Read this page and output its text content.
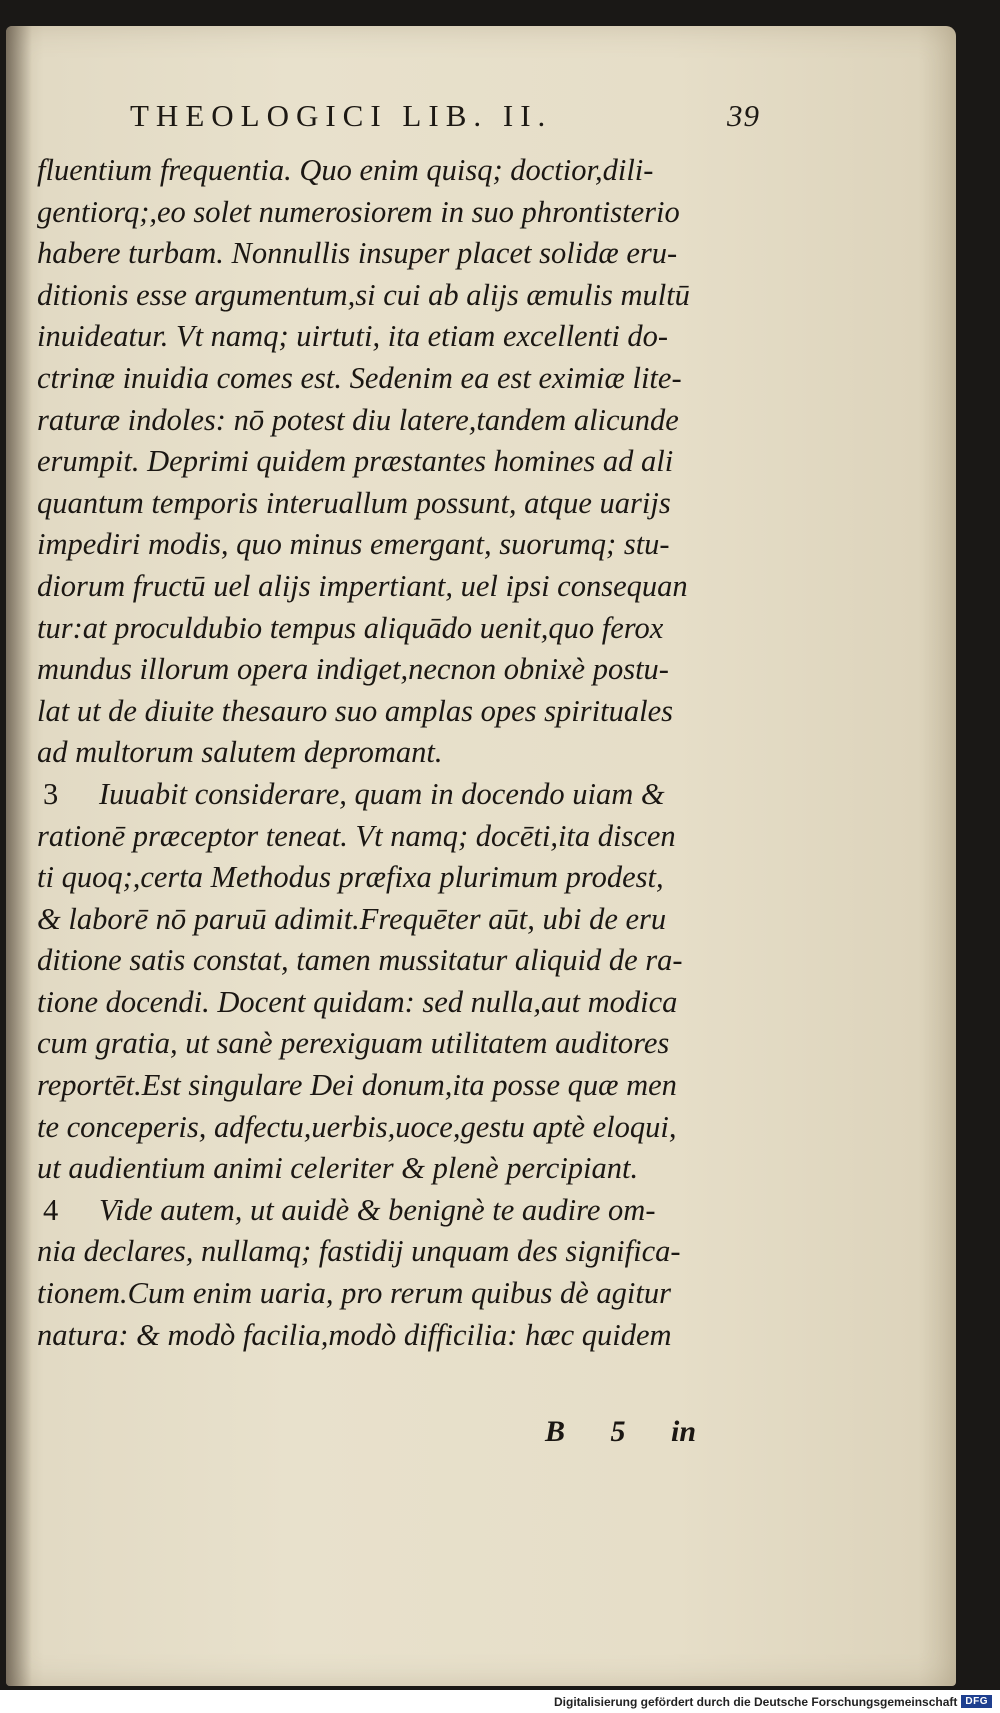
THEOLOGICI LIB. II.	39
fluentium frequentia. Quo enim quisq; doctior,dili-
gentiorq;,eo solet numerosiorem in suo phrontisterio
habere turbam. Nonnullis insuper placet solidæ eru-
ditionis esse argumentum,si cui ab alijs æmulis multū
inuideatur. Vt namq; uirtuti, ita etiam excellenti do-
ctrinæ inuidia comes est. Sedenim ea est eximiæ lite-
raturæ indoles: nō potest diu latere,tandem alicunde
erumpit. Deprimi quidem præstantes homines ad ali
quantum temporis interuallum possunt, atque uarijs
impediri modis, quo minus emergant, suorumq; stu-
diorum fructū uel alijs impertiant, uel ipsi consequan
tur:at proculdubio tempus aliquādo uenit,quo ferox
mundus illorum opera indiget,necnon obnixè postu-
lat ut de diuite thesauro suo amplas opes spirituales
ad multorum salutem depromant.
3 Iuuabit considerare, quam in docendo uiam &
rationē præceptor teneat. Vt namq; docēti,ita discen
ti quoq;,certa Methodus præfixa plurimum prodest,
& laborē nō paruū adimit.Frequēter aūt, ubi de eru
ditione satis constat, tamen mussitatur aliquid de ra-
tione docendi. Docent quidam: sed nulla,aut modica
cum gratia, ut sanè perexiguam utilitatem auditores
reportēt.Est singulare Dei donum,ita posse quæ men
te conceperis, adfectu,uerbis,uoce,gestu aptè eloqui,
ut audientium animi celeriter & plenè percipiant.
4 Vide autem, ut auidè & benignè te audire om-
nia declares, nullamq; fastidij unquam des significa-
tionem.Cum enim uaria, pro rerum quibus dè agitur
natura: & modò facilia,modò difficilia: hæc quidem
B 5 in
Digitalisierung gefördert durch die Deutsche Forschungsgemeinschaft DFG
